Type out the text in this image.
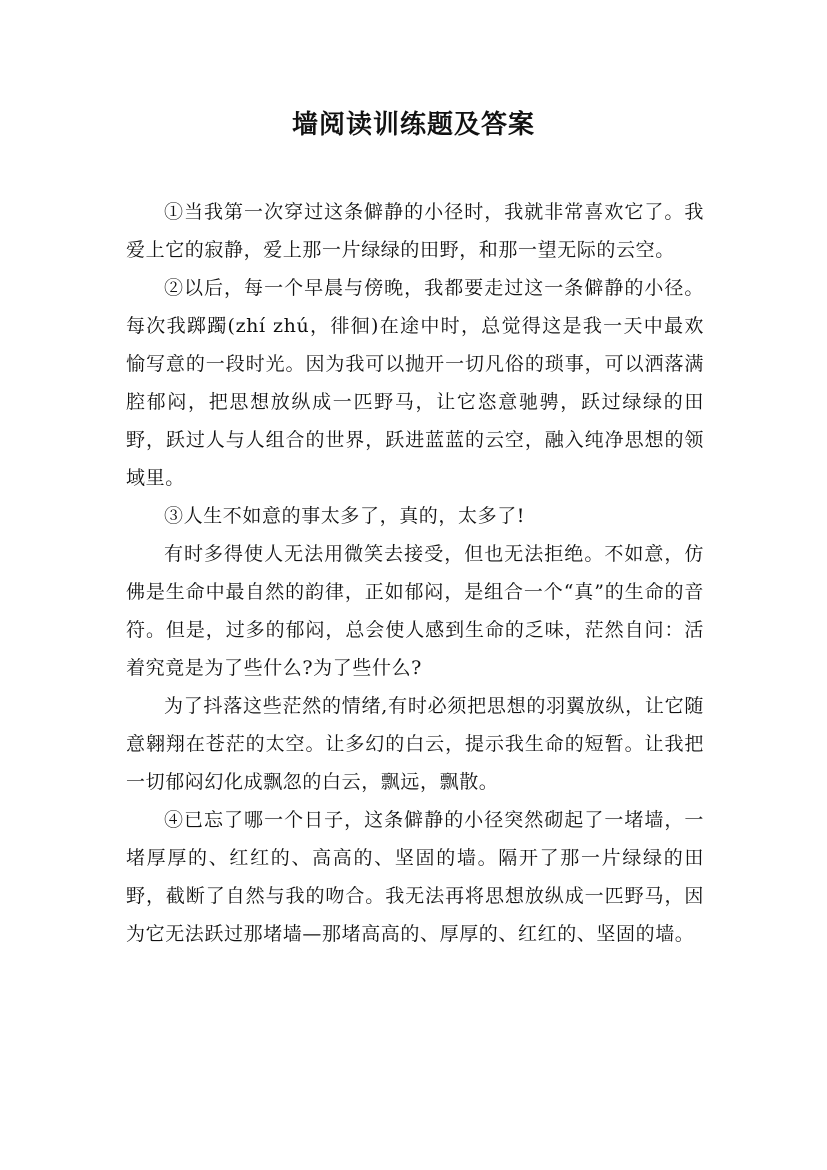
墙阅读训练题及答案

①当我第一次穿过这条僻静的小径时，我就非常喜欢它了。我爱上它的寂静，爱上那一片绿绿的田野，和那一望无际的云空。

②以后，每一个早晨与傍晚，我都要走过这一条僻静的小径。每次我踯躅(zhí zhú，徘徊)在途中时，总觉得这是我一天中最欢愉写意的一段时光。因为我可以抛开一切凡俗的琐事，可以洒落满腔郁闷，把思想放纵成一匹野马，让它恣意驰骋，跃过绿绿的田野，跃过人与人组合的世界，跃进蓝蓝的云空，融入纯净思想的领域里。

③人生不如意的事太多了，真的，太多了!

有时多得使人无法用微笑去接受，但也无法拒绝。不如意，仿佛是生命中最自然的韵律，正如郁闷，是组合一个“真”的生命的音符。但是，过多的郁闷，总会使人感到生命的乏味，茫然自问：活着究竟是为了些什么?为了些什么?

为了抖落这些茫然的情绪,有时必须把思想的羽翼放纵，让它随意翱翔在苍茫的太空。让多幻的白云，提示我生命的短暂。让我把一切郁闷幻化成飘忽的白云，飘远，飘散。

④已忘了哪一个日子，这条僻静的小径突然砌起了一堵墙，一堵厚厚的、红红的、高高的、坚固的墙。隔开了那一片绿绿的田野，截断了自然与我的吻合。我无法再将思想放纵成一匹野马，因为它无法跃过那堵墙—那堵高高的、厚厚的、红红的、坚固的墙。
